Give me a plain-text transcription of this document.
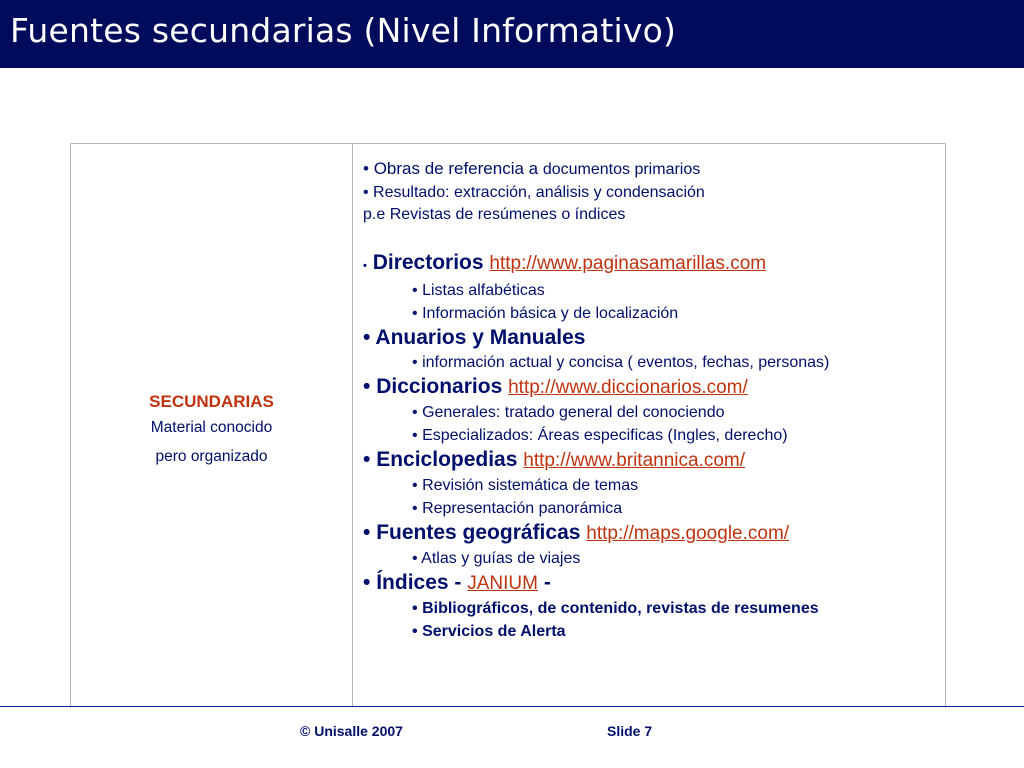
Fuentes secundarias (Nivel Informativo)
SECUNDARIAS
Material conocido
pero organizado
• Obras de referencia a documentos primarios
• Resultado: extracción, análisis y condensación
p.e Revistas de resúmenes o índices
• Directorios http://www.paginasamarillas.com
• Listas alfabéticas
• Información básica y de localización
• Anuarios y Manuales
• información actual y concisa ( eventos, fechas, personas)
• Diccionarios http://www.diccionarios.com/
• Generales: tratado general del conociendo
• Especializados: Áreas especificas (Ingles, derecho)
• Enciclopedias http://www.britannica.com/
• Revisión sistemática de temas
• Representación panorámica
• Fuentes geográficas http://maps.google.com/
• Atlas y guías de viajes
• Índices - JANIUM -
• Bibliográficos, de contenido, revistas de resumenes
• Servicios de Alerta
© Unisalle 2007	Slide 7
